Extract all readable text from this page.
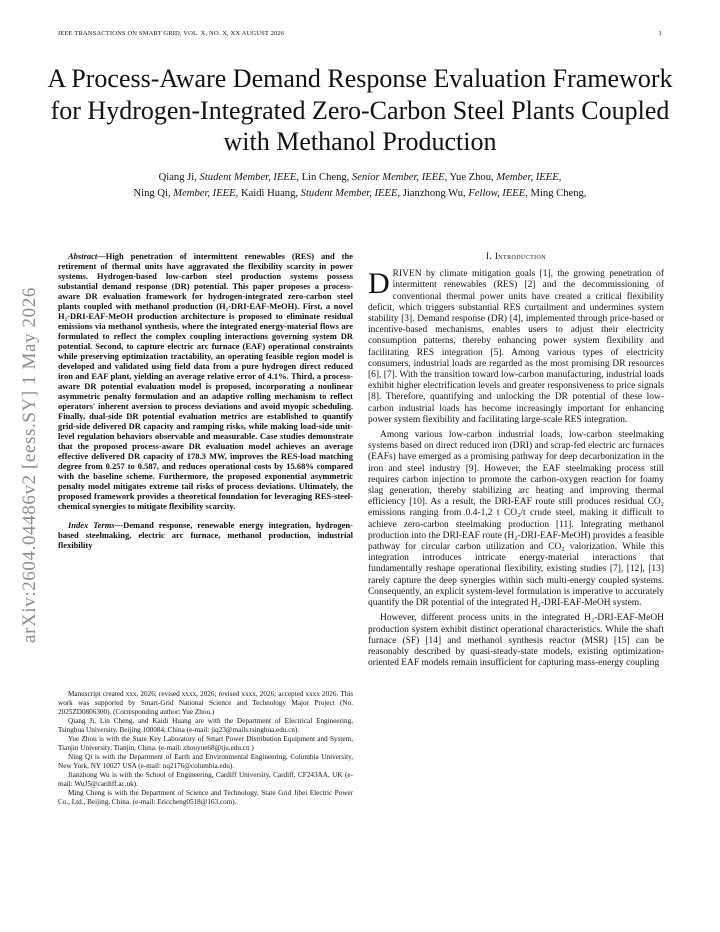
IEEE TRANSACTIONS ON SMART GRID, VOL. X, NO. X, XX AUGUST 2026	1
A Process-Aware Demand Response Evaluation Framework for Hydrogen-Integrated Zero-Carbon Steel Plants Coupled with Methanol Production
Qiang Ji, Student Member, IEEE, Lin Cheng, Senior Member, IEEE, Yue Zhou, Member, IEEE,
Ning Qi, Member, IEEE, Kaidi Huang, Student Member, IEEE, Jianzhong Wu, Fellow, IEEE, Ming Cheng,
arXiv:2604.04486v2 [eess.SY] 1 May 2026

Abstract—High penetration of intermittent renewables (RES) and the retirement of thermal units have aggravated the flexibility scarcity in power systems. Hydrogen-based low-carbon steel production systems possess substantial demand response (DR) potential. This paper proposes a process-aware DR evaluation framework for hydrogen-integrated zero-carbon steel plants coupled with methanol production (H₂-DRI-EAF-MeOH). First, a novel H₂-DRI-EAF-MeOH production architecture is proposed to eliminate residual emissions via methanol synthesis, where the integrated energy-material flows are formulated to reflect the complex coupling interactions governing system DR potential. Second, to capture electric arc furnace (EAF) operational constraints while preserving optimization tractability, an operating feasible region model is developed and validated using field data from a pure hydrogen direct reduced iron and EAF plant, yielding an average relative error of 4.1%. Third, a process-aware DR potential evaluation model is proposed, incorporating a nonlinear asymmetric penalty formulation and an adaptive rolling mechanism to reflect operators' inherent aversion to process deviations and avoid myopic scheduling. Finally, dual-side DR potential evaluation metrics are established to quantify grid-side delivered DR capacity and ramping risks, while making load-side unit-level regulation behaviors observable and measurable. Case studies demonstrate that the proposed process-aware DR evaluation model achieves an average effective delivered DR capacity of 178.3 MW, improves the RES-load matching degree from 0.257 to 0.587, and reduces operational costs by 15.68% compared with the baseline scheme. Furthermore, the proposed exponential asymmetric penalty model mitigates extreme tail risks of process deviations. Ultimately, the proposed framework provides a theoretical foundation for leveraging RES-steel-chemical synergies to mitigate flexibility scarcity.

Index Terms—Demand response, renewable energy integration, hydrogen-based steelmaking, electric arc furnace, methanol production, industrial flexibility

Manuscript created xxx, 2026; revised xxxx, 2026; revised xxxx, 2026; accepted xxxx 2026. This work was supported by Smart-Grid National Science and Technology Major Project (No. 2025ZD0806300). (Corresponding author: Yue Zhou.)

Qiang Ji, Lin Cheng, and Kaidi Huang are with the Department of Electrical Engineering, Tsinghua University, Beijing 100084, China (e-mail: jiq23@mails.tsinghua.edu.cn).

Yue Zhou is with the State Key Laboratory of Smart Power Distribution Equipment and System, Tianjin University, Tianjin, China. (e-mail: zhouyue68@tju.edu.cn )

Ning Qi is with the Department of Earth and Environmental Engineering, Columbia University, New York, NY 10027 USA (e-mail: nq2176@columbia.edu).

Jianzhong Wu is with the School of Engineering, Cardiff University, Cardiff, CF243AA, UK (e-mail: WuJ5@cardiff.ac.uk).

Ming Cheng is with the Department of Science and Technology, State Grid Jibei Electric Power Co., Ltd., Beijing, China. (e-mail: Ericcheng0518@163.com).

I. Introduction

DRIVEN by climate mitigation goals [1], the growing penetration of intermittent renewables (RES) [2] and the decommissioning of conventional thermal power units have created a critical flexibility deficit, which triggers substantial RES curtailment and undermines system stability [3]. Demand response (DR) [4], implemented through price-based or incentive-based mechanisms, enables users to adjust their electricity consumption patterns, thereby enhancing power system flexibility and facilitating RES integration [5]. Among various types of electricity consumers, industrial loads are regarded as the most promising DR resources [6], [7]. With the transition toward low-carbon manufacturing, industrial loads exhibit higher electrification levels and greater responsiveness to price signals [8]. Therefore, quantifying and unlocking the DR potential of these low-carbon industrial loads has become increasingly important for enhancing power system flexibility and facilitating large-scale RES integration.

Among various low-carbon industrial loads, low-carbon steelmaking systems based on direct reduced iron (DRI) and scrap-fed electric arc furnaces (EAFs) have emerged as a promising pathway for deep decarbonization in the iron and steel industry [9]. However, the EAF steelmaking process still requires carbon injection to promote the carbon-oxygen reaction for foamy slag generation, thereby stabilizing arc heating and improving thermal efficiency [10]. As a result, the DRI-EAF route still produces residual CO₂ emissions ranging from 0.4-1.2 t CO₂/t crude steel, making it difficult to achieve zero-carbon steelmaking production [11]. Integrating methanol production into the DRI-EAF route (H₂-DRI-EAF-MeOH) provides a feasible pathway for circular carbon utilization and CO₂ valorization. While this integration introduces intricate energy-material interactions that fundamentally reshape operational flexibility, existing studies [7], [12], [13] rarely capture the deep synergies within such multi-energy coupled systems. Consequently, an explicit system-level formulation is imperative to accurately quantify the DR potential of the integrated H₂-DRI-EAF-MeOH system.

However, different process units in the integrated H₂-DRI-EAF-MeOH production system exhibit distinct operational characteristics. While the shaft furnace (SF) [14] and methanol synthesis reactor (MSR) [15] can be reasonably described by quasi-steady-state models, existing optimization-oriented EAF models remain insufficient for capturing mass-energy coupling
